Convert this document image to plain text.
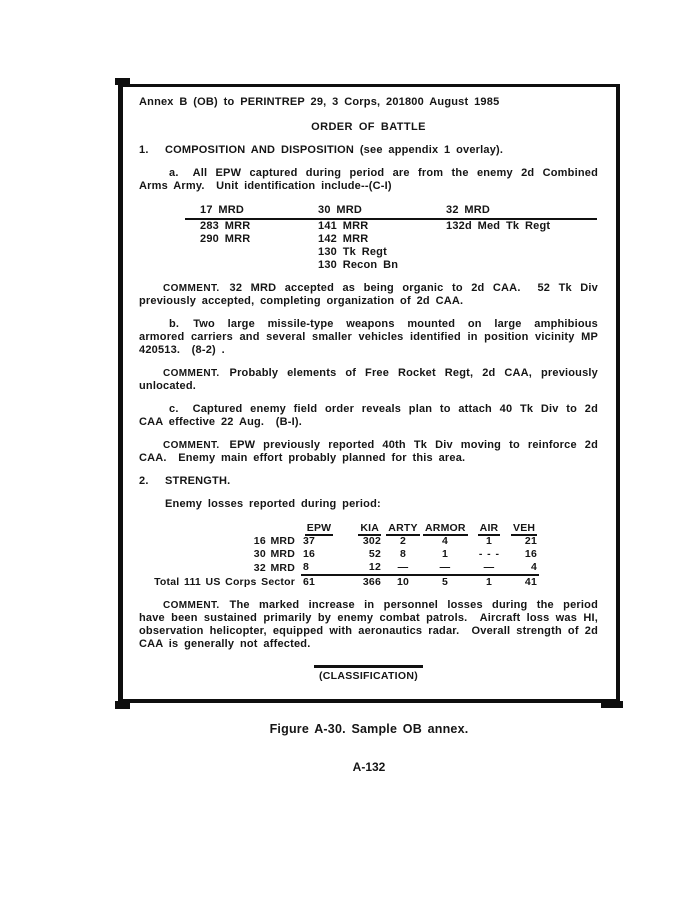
Annex B (OB) to PERINTREP 29, 3 Corps, 201800 August 1985

ORDER OF BATTLE

1. COMPOSITION AND DISPOSITION (see appendix 1 overlay).

a. All EPW captured during period are from the enemy 2d Combined Arms Army.  Unit identification include--(C-I)

17 MRD	30 MRD	32 MRD
283 MRR	141 MRR	132d Med Tk Regt
290 MRR	142 MRR	
	130 Tk Regt	
	130 Recon Bn	

COMMENT. 32 MRD accepted as being organic to 2d CAA.  52 Tk Div previously accepted, completing organization of 2d CAA.

b. Two large missile-type weapons mounted on large amphibious armored carriers and several smaller vehicles identified in position vicinity MP 420513.  (8-2) .

COMMENT. Probably elements of Free Rocket Regt, 2d CAA, previously unlocated.

c. Captured enemy field order reveals plan to attach 40 Tk Div to 2d CAA effective 22 Aug.  (B-I).

COMMENT. EPW previously reported 40th Tk Div moving to reinforce 2d CAA.  Enemy main effort probably planned for this area.

2. STRENGTH.

Enemy losses reported during period:

	EPW	KIA	ARTY	ARMOR	AIR	VEH
16 MRD	37	302	2	4	1	21
30 MRD	16	52	8	1	- - -	16
32 MRD	8	12	—	—	—	4
Total 111 US Corps Sector	61	366	10	5	1	41

COMMENT. The marked increase in personnel losses during the period have been sustained primarily by enemy combat patrols.  Aircraft loss was HI, observation helicopter, equipped with aeronautics radar.  Overall strength of 2d CAA is generally not affected.

(CLASSIFICATION)
Figure A-30. Sample OB annex.
A-132
